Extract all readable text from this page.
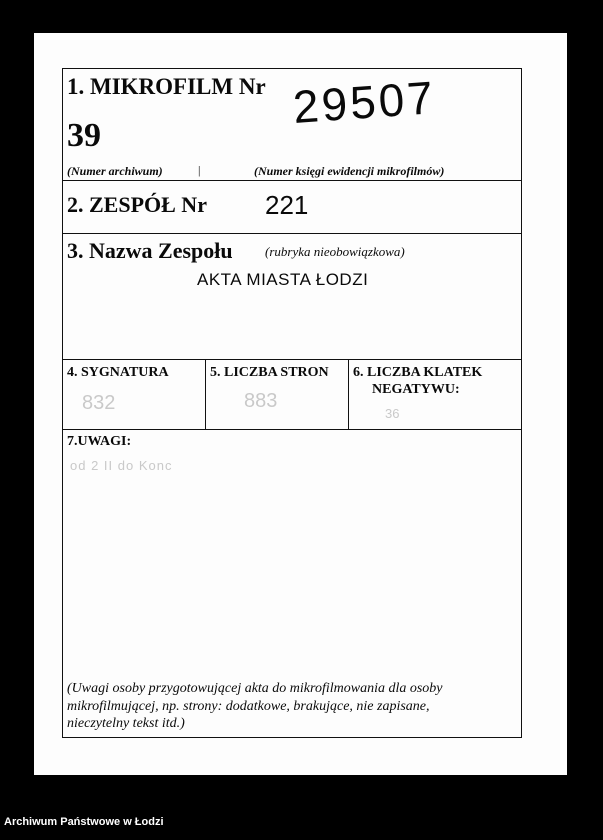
1. MIKROFILM Nr
39
29507
(Numer archiwum)	|	(Numer księgi ewidencji mikrofilmów)
2. ZESPÓŁ Nr 221
3. Nazwa Zespołu (rubryka nieobowiązkowa)
AKTA MIASTA ŁODZI
4. SYGNATURA
832
5. LICZBA STRON
883
6. LICZBA KLATEK
NEGATYWU:
36
7.UWAGI:
od 2 II do Konc
(Uwagi osoby przygotowującej akta do mikrofilmowania dla osoby
mikrofilmującej, np. strony: dodatkowe, brakujące, nie zapisane,
nieczytelny tekst itd.)
Archiwum Państwowe w Łodzi
